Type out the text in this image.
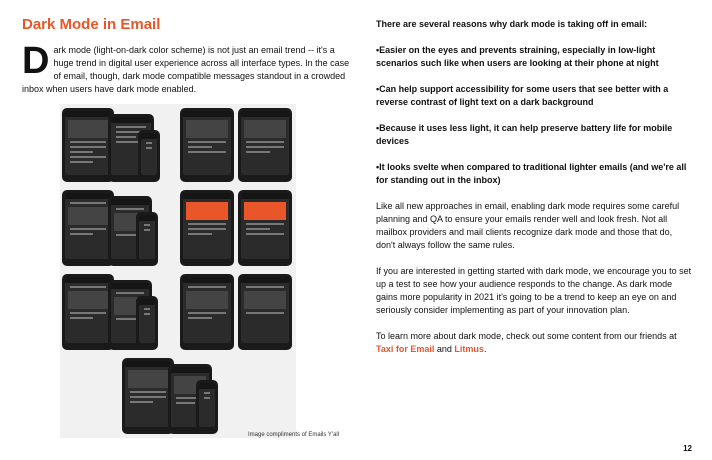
Dark Mode in Email
Dark mode (light-on-dark color scheme) is not just an email trend -- it's a huge trend in digital user experience across all interface types. In the case of email, though, dark mode compatible messages standout in a crowded inbox when users have dark mode enabled.
Image compliments of Emails Y'all

There are several reasons why dark mode is taking off in email:

•Easier on the eyes and prevents straining, especially in low-light scenarios such like when users are looking at their phone at night

•Can help support accessibility for some users that see better with a reverse contrast of light text on a dark background

•Because it uses less light, it can help preserve battery life for mobile devices

•It looks svelte when compared to traditional lighter emails (and we're all for standing out in the inbox)

Like all new approaches in email, enabling dark mode requires some careful planning and QA to ensure your emails render well and look fresh. Not all mailbox providers and mail clients recognize dark mode and those that do, don't always follow the same rules.

If you are interested in getting started with dark mode, we encourage you to set up a test to see how your audience responds to the change. As dark mode gains more popularity in 2021 it's going to be a trend to keep an eye on and seriously consider implementing as part of your innovation plan.

To learn more about dark mode, check out some content from our friends at Taxi for Email and Litmus.

12
